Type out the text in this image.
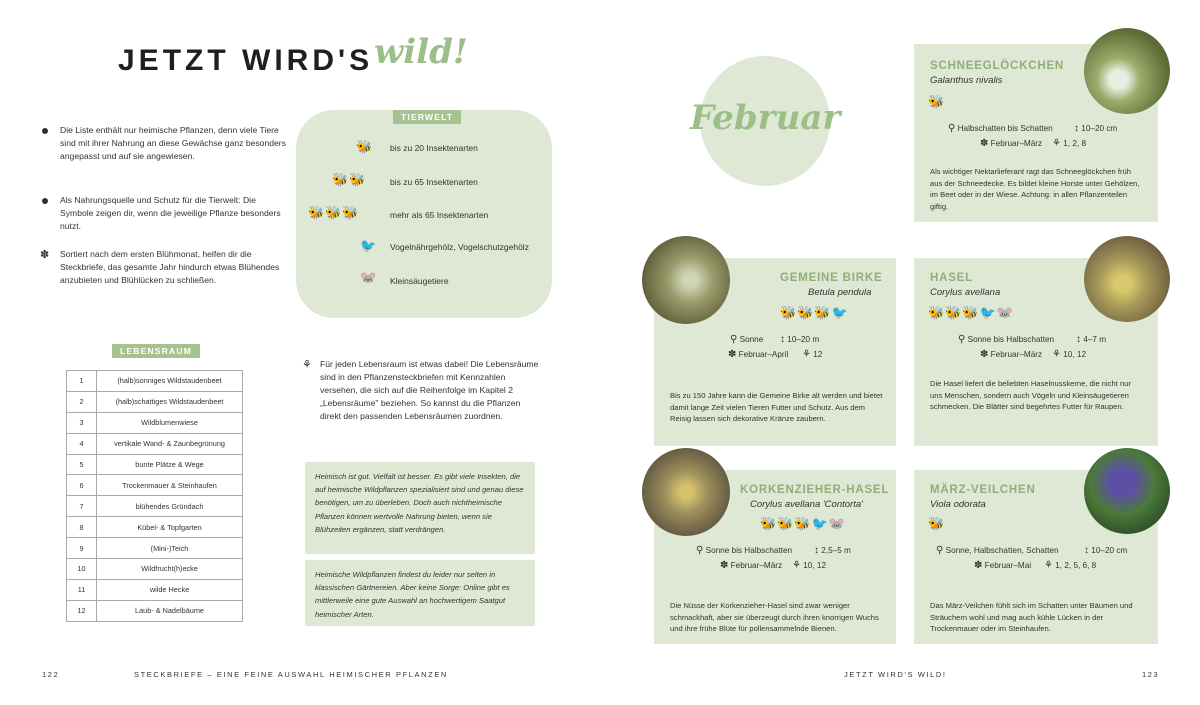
JETZT WIRD'S wild!
Die Liste enthält nur heimische Pflanzen, denn viele Tiere sind mit ihrer Nahrung an diese Gewächse ganz besonders angepasst und auf sie angewiesen.
Als Nahrungsquelle und Schutz für die Tierwelt: Die Symbole zeigen dir, wenn die jeweilige Pflanze besonders nutzt.
✽ Sortiert nach dem ersten Blühmonat, helfen dir die Steckbriefe, das gesamte Jahr hindurch etwas Blühendes anzubieten und Blühlücken zu schließen.
TIERWELT
🐝 bis zu 20 Insektenarten
🐝🐝	bis zu 65 Insektenarten
🐝🐝🐝	mehr als 65 Insektenarten
🐦 Vogelnährgehölz, Vogelschutzgehölz
🐭 Kleinsäugetiere
LEBENSRAUM
1	(halb)sonniges Wildstaudenbeet
2	(halb)schattiges Wildstaudenbeet
3	Wildblumenwiese
4	vertikale Wand- & Zaunbegrünung
5	bunte Plätze & Wege
6	Trockenmauer & Steinhaufen
7	blühendes Gründach
8	Kübel- & Topfgarten
9	(Mini-)Teich
10	Wildfrucht(h)ecke
11	wilde Hecke
12	Laub- & Nadelbäume
⚘ Für jeden Lebensraum ist etwas dabei! Die Lebensräume sind in den Pflanzensteckbriefen mit Kennzahlen versehen, die sich auf die Reihenfolge im Kapitel 2 „Lebensräume" beziehen. So kannst du die Pflanzen direkt den passenden Lebensräumen zuordnen.
Heimisch ist gut. Vielfalt ist besser. Es gibt viele Insekten, die auf heimische Wildpflanzen spezialisiert sind und genau diese benötigen, um zu überleben. Doch auch nichtheimische Pflanzen können wertvolle Nahrung bieten, wenn sie Blühzeiten ergänzen, statt verdrängen.
Heimische Wildpflanzen findest du leider nur selten in klassischen Gärtnereien. Aber keine Sorge: Online gibt es mittlerweile eine gute Auswahl an hochwertigem Saatgut heimischer Arten.
122	STECKBRIEFE – EINE FEINE AUSWAHL HEIMISCHER PFLANZEN
Februar
SCHNEEGLÖCKCHEN
Galanthus nivalis
🐝
⚲ Halbschatten bis Schatten ↕ 10–20 cm
✽ Februar–März ⚘ 1, 2, 8
Als wichtiger Nektarlieferant ragt das Schneeglöckchen früh aus der Schneedecke. Es bildet kleine Horste unter Gehölzen, im Beet oder in der Wiese. Achtung: in allen Pflanzenteilen giftig.
GEMEINE BIRKE
Betula pendula
🐝🐝🐝🐦
⚲ Sonne ↕ 10–20 m
✽ Februar–April ⚘ 12
Bis zu 150 Jahre kann die Gemeine Birke alt werden und bietet damit lange Zeit vielen Tieren Futter und Schutz. Aus dem Reisig lassen sich dekorative Kränze zaubern.
HASEL
Corylus avellana
🐝🐝🐝🐦🐭
⚲ Sonne bis Halbschatten ↕ 4–7 m
✽ Februar–März ⚘ 10, 12
Die Hasel liefert die beliebten Haselnusskerne, die nicht nur uns Menschen, sondern auch Vögeln und Kleinsäugetieren schmecken. Die Blätter sind begehrtes Futter für Raupen.
KORKENZIEHER-HASEL
Corylus avellana 'Contorta'
🐝🐝🐝🐦🐭
⚲ Sonne bis Halbschatten ↕ 2,5–5 m
✽ Februar–März ⚘ 10, 12
Die Nüsse der Korkenzieher-Hasel sind zwar weniger schmackhaft, aber sie überzeugt durch ihren knorrigen Wuchs und ihre frühe Blüte für pollensammelnde Bienen.
MÄRZ-VEILCHEN
Viola odorata
🐝
⚲ Sonne, Halbschatten, Schatten	↕ 10–20 cm
✽ Februar–Mai ⚘ 1, 2, 5, 6, 8
Das März-Veilchen fühlt sich im Schatten unter Bäumen und Sträuchern wohl und mag auch kühle Lücken in der Trockenmauer oder im Steinhaufen.
JETZT WIRD'S WILD!	123
